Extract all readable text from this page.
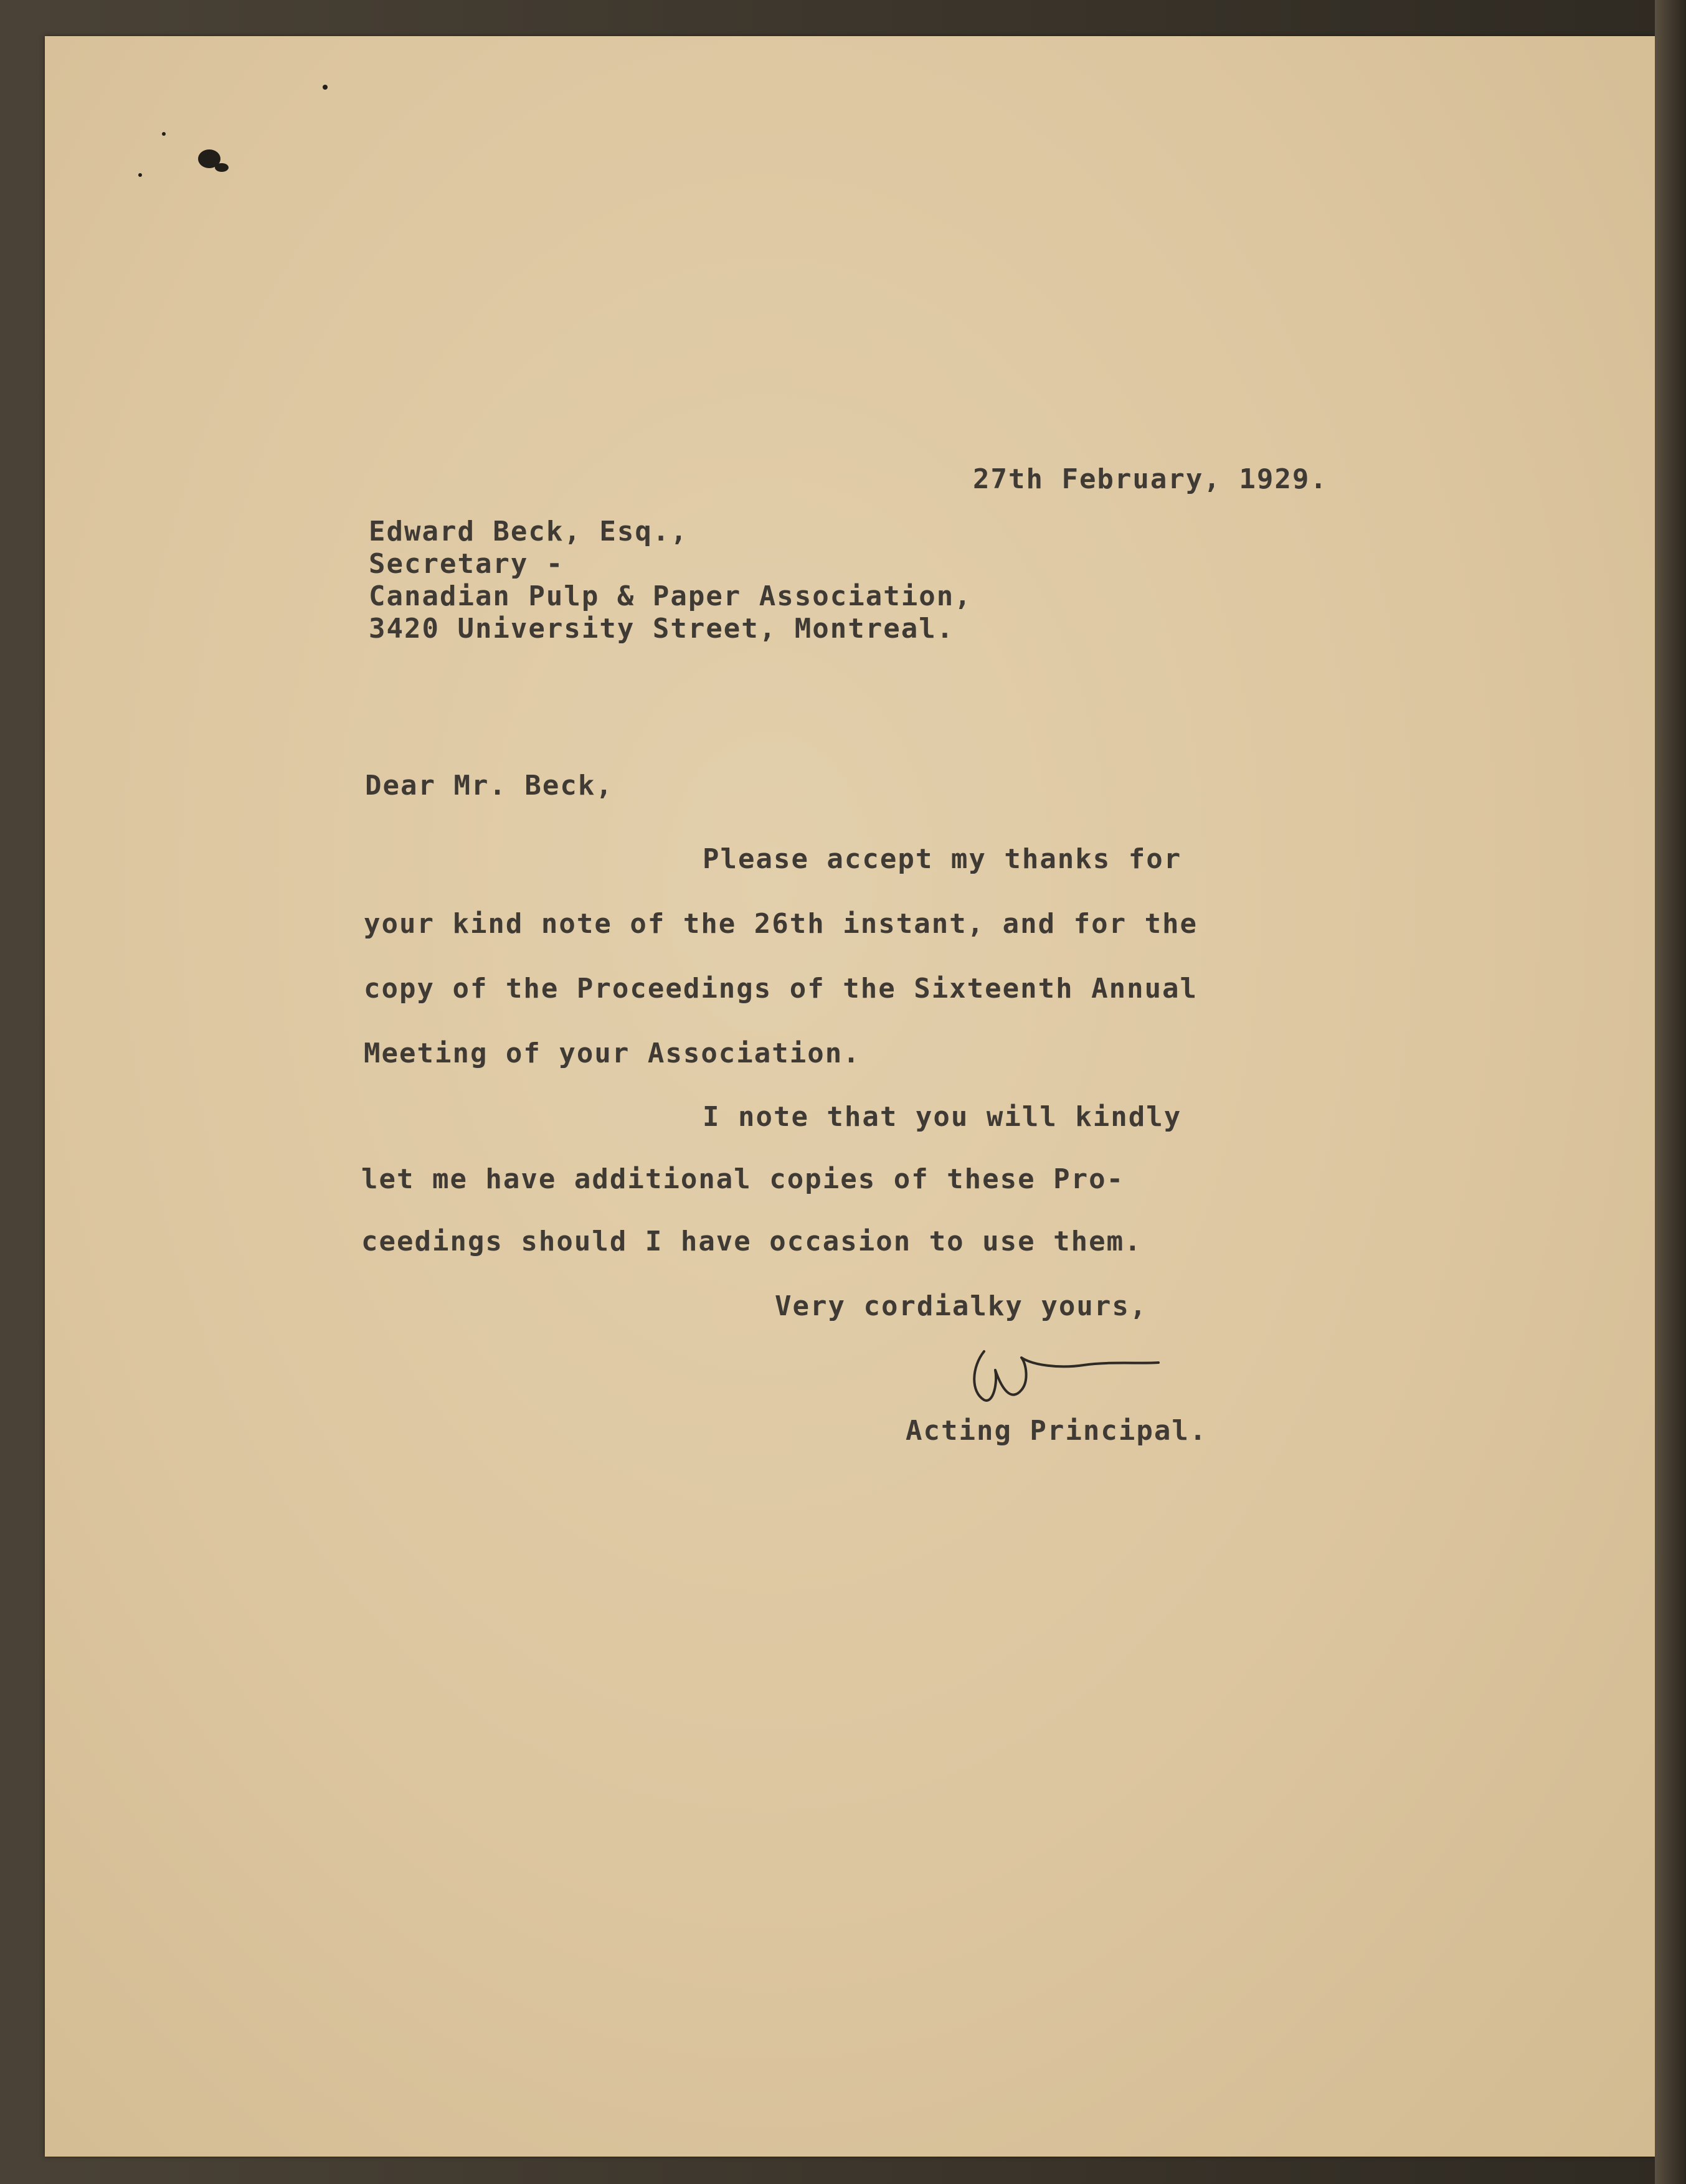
27th February, 1929.

Edward Beck, Esq.,

Secretary -

Canadian Pulp & Paper Association,

3420 University Street, Montreal.

Dear Mr. Beck,

Please accept my thanks for

your kind note of the 26th instant, and for the

copy of the Proceedings of the Sixteenth Annual

Meeting of your Association.

I note that you will kindly

let me have additional copies of these Pro-

ceedings should I have occasion to use them.

Very cordialky yours,

Acting Principal.
